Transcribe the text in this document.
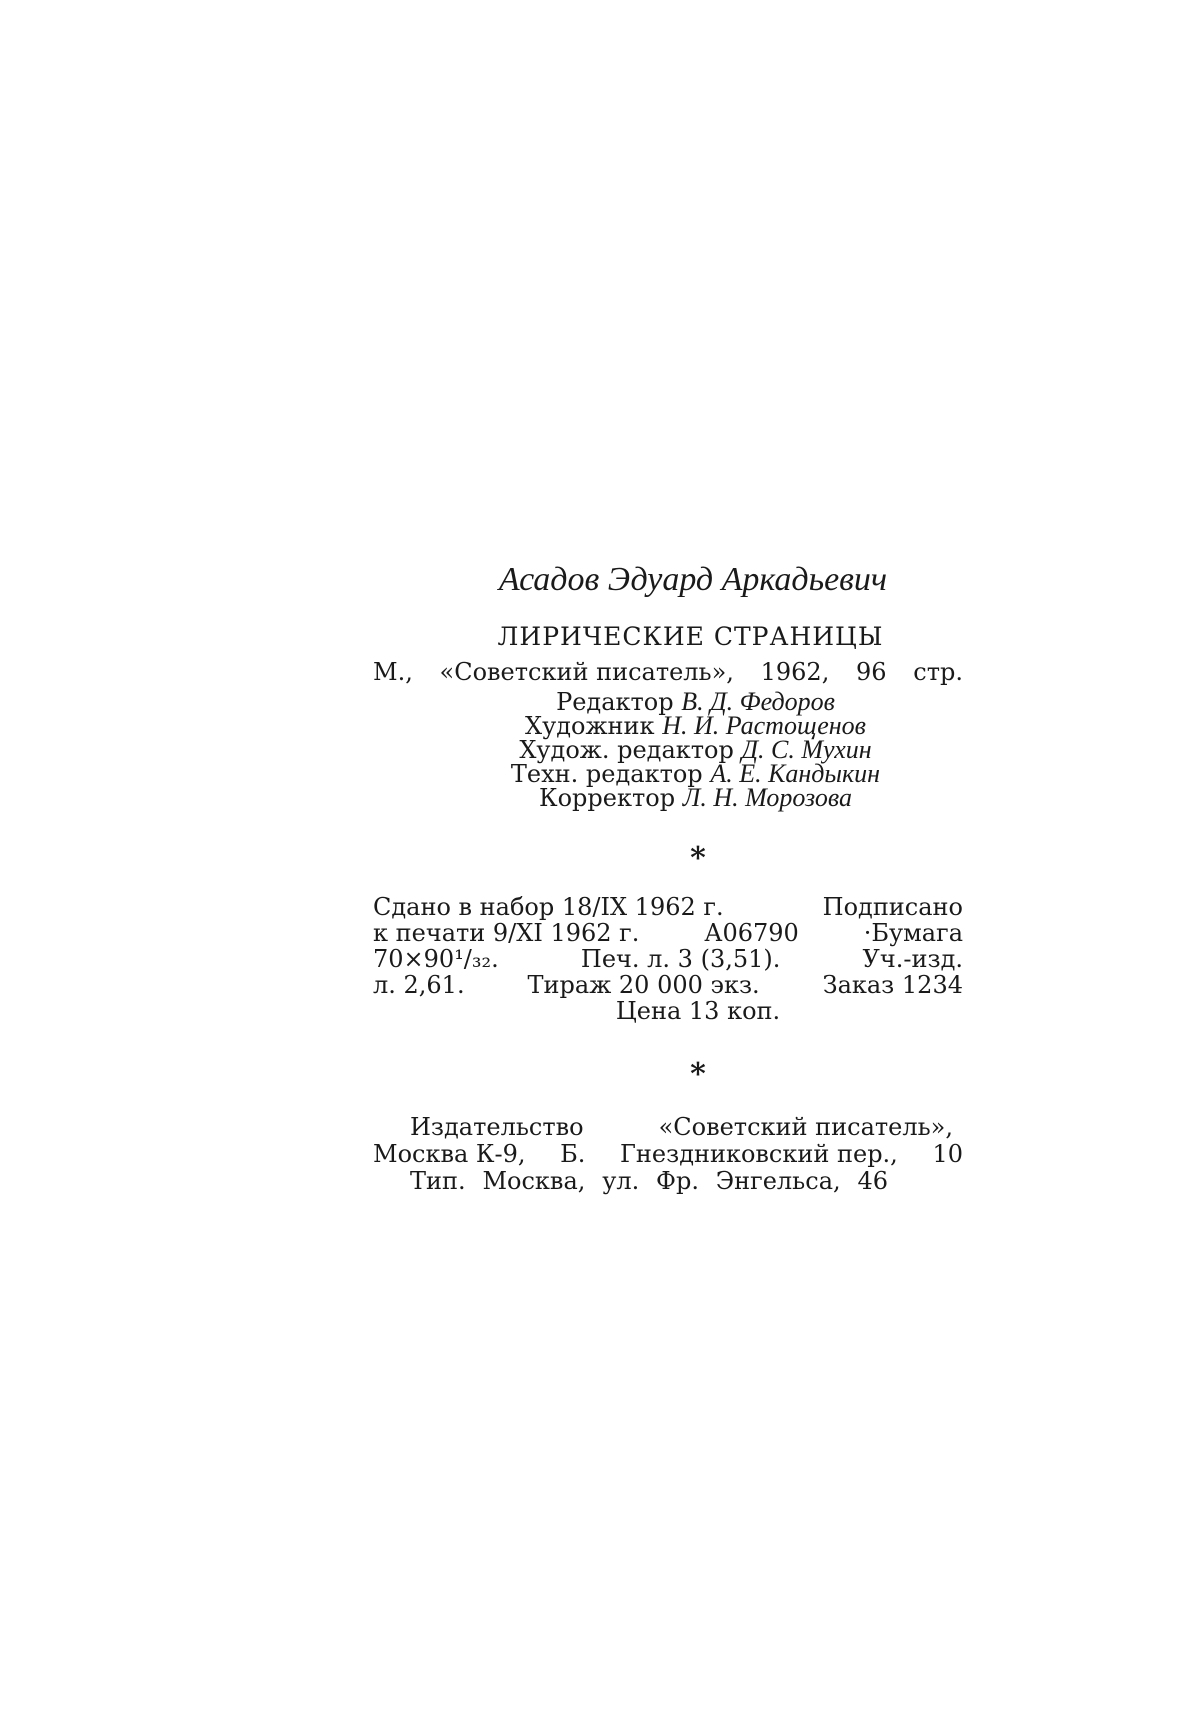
Асадов Эдуард Аркадьевич
ЛИРИЧЕСКИЕ СТРАНИЦЫ
М., «Советский писатель», 1962, 96 стр.
Редактор В. Д. Федоров
Художник Н. И. Растощенов
Худож. редактор Д. С. Мухин
Техн. редактор А. Е. Кандыкин
Корректор Л. Н. Морозова
*
Сдано в набор 18/IX 1962 г.	Подписано
к печати 9/XI 1962 г.	А06790	·Бумага
70×90¹/₃₂.	Печ. л. 3 (3,51).	Уч.-изд.
л. 2,61.	Тираж 20 000 экз.	Заказ 1234
Цена 13 коп.
*
Издательство	«Советский писатель»,
Москва К-9, Б. Гнездниковский пер., 10
Тип. Москва, ул. Фр. Энгельса, 46
